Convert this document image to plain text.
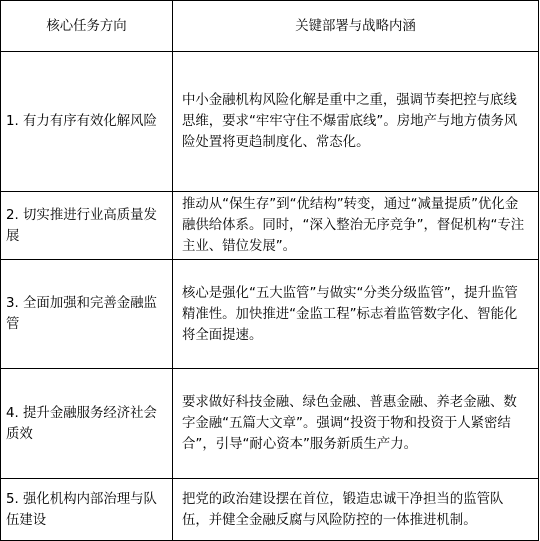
核心任务方向	关键部署与战略内涵
1. 有力有序有效化解风险	中小金融机构风险化解是重中之重，强调节奏把控与底线思维，要求“牢牢守住不爆雷底线”。房地产与地方债务风险处置将更趋制度化、常态化。

2. 切实推进行业高质量发展	推动从“保生存”到“优结构”转变，通过“减量提质”优化金融供给体系。同时，“深入整治无序竞争”，督促机构“专注主业、错位发展”。

3. 全面加强和完善金融监管	核心是强化“五大监管”与做实“分类分级监管”，提升监管精准性。加快推进“金监工程”标志着监管数字化、智能化将全面提速。

4. 提升金融服务经济社会质效	要求做好科技金融、绿色金融、普惠金融、养老金融、数字金融“五篇大文章”。强调“投资于物和投资于人紧密结合”，引导“耐心资本”服务新质生产力。

5. 强化机构内部治理与队伍建设	把党的政治建设摆在首位，锻造忠诚干净担当的监管队伍，并健全金融反腐与风险防控的一体推进机制。
